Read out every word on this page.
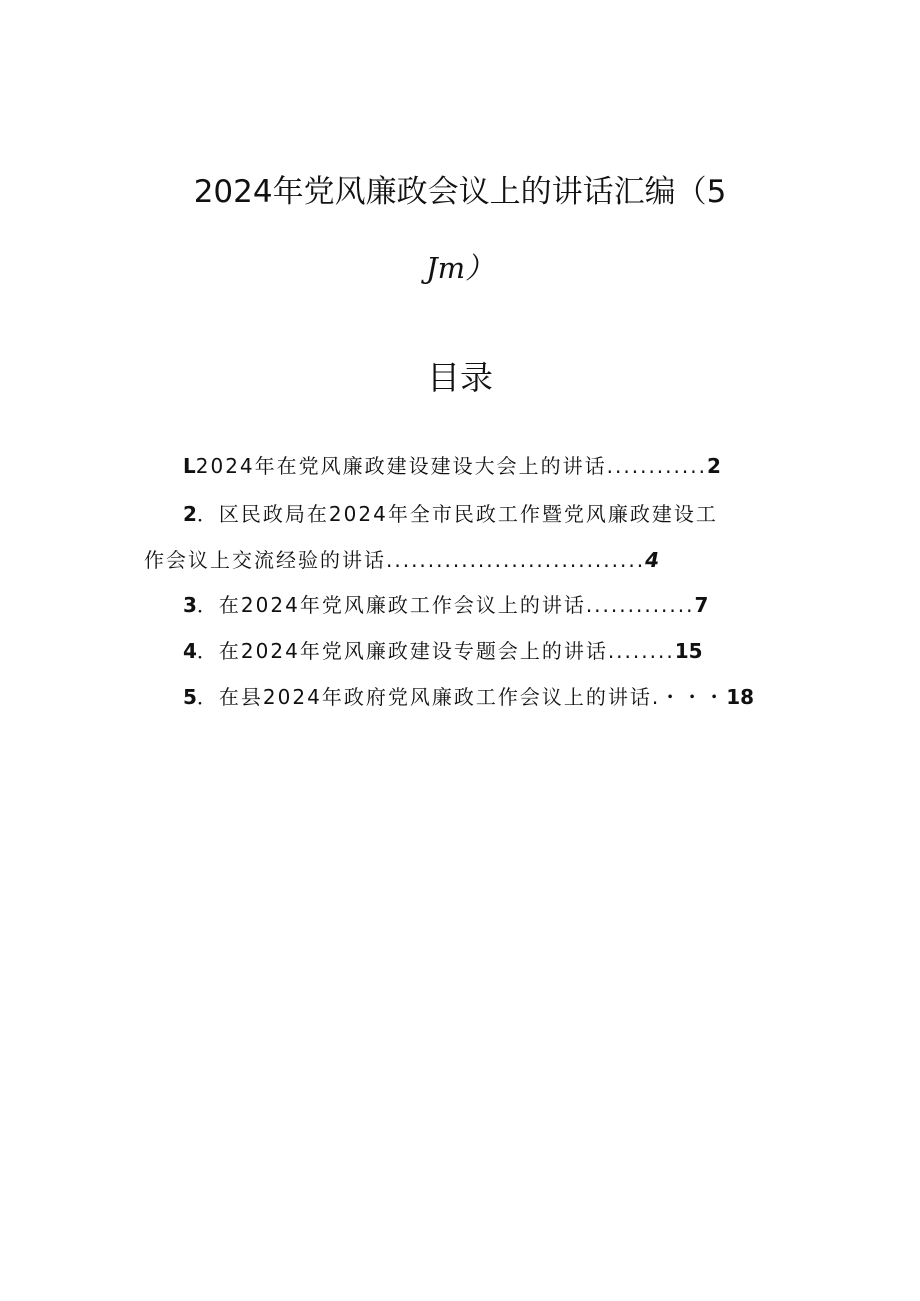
2024年党风廉政会议上的讲话汇编（5
Jm）
目录
L2024年在党风廉政建设建设大会上的讲话............2
2．区民政局在2024年全市民政工作暨党风廉政建设工
作会议上交流经验的讲话...............................4
3．在2024年党风廉政工作会议上的讲话.............7
4．在2024年党风廉政建设专题会上的讲话........15
5．在县2024年政府党风廉政工作会议上的讲话.・・・18
